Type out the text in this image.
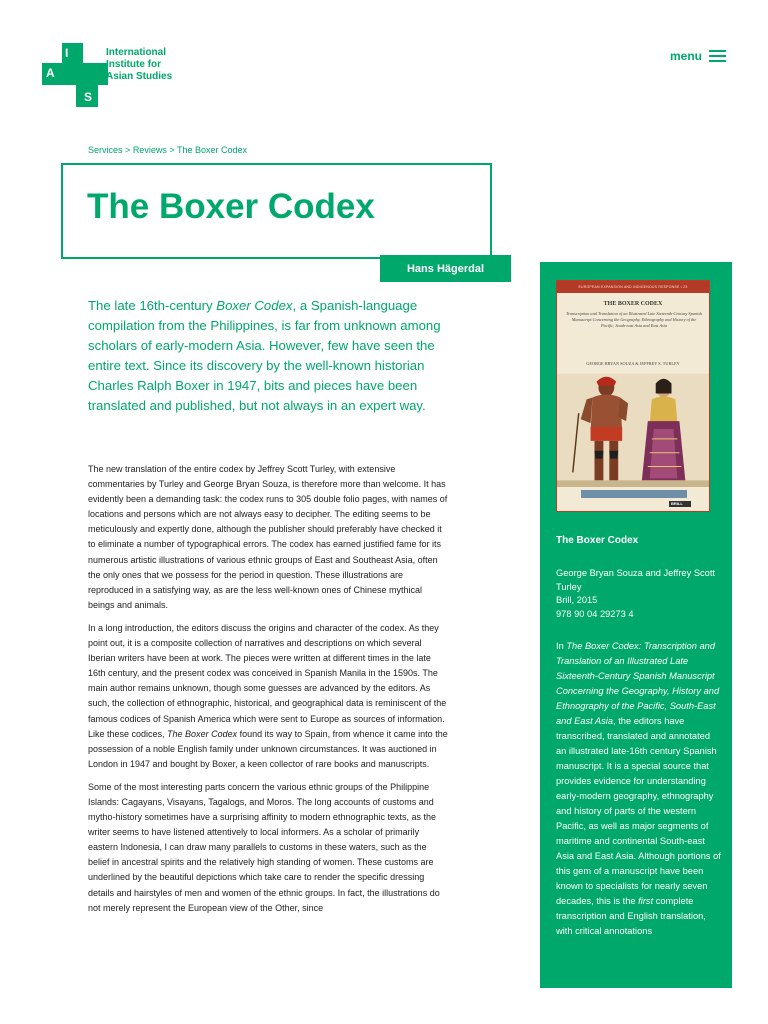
I
A
S
International
Institute for
Asian Studies
menu
Services > Reviews > The Boxer Codex
The Boxer Codex
Hans Hägerdal

The late 16th-century Boxer Codex, a Spanish-language compilation from the Philippines, is far from unknown among scholars of early-modern Asia. However, few have seen the entire text. Since its discovery by the well-known historian Charles Ralph Boxer in 1947, bits and pieces have been translated and published, but not always in an expert way.

The new translation of the entire codex by Jeffrey Scott Turley, with extensive commentaries by Turley and George Bryan Souza, is therefore more than welcome. It has evidently been a demanding task: the codex runs to 305 double folio pages, with names of locations and persons which are not always easy to decipher. The editing seems to be meticulously and expertly done, although the publisher should preferably have checked it to eliminate a number of typographical errors. The codex has earned justified fame for its numerous artistic illustrations of various ethnic groups of East and Southeast Asia, often the only ones that we possess for the period in question. These illustrations are reproduced in a satisfying way, as are the less well-known ones of Chinese mythical beings and animals.

In a long introduction, the editors discuss the origins and character of the codex. As they point out, it is a composite collection of narratives and descriptions on which several Iberian writers have been at work. The pieces were written at different times in the late 16th century, and the present codex was conceived in Spanish Manila in the 1590s. The main author remains unknown, though some guesses are advanced by the editors. As such, the collection of ethnographic, historical, and geographical data is reminiscent of the famous codices of Spanish America which were sent to Europe as sources of information. Like these codices, The Boxer Codex found its way to Spain, from whence it came into the possession of a noble English family under unknown circumstances. It was auctioned in London in 1947 and bought by Boxer, a keen collector of rare books and manuscripts.

Some of the most interesting parts concern the various ethnic groups of the Philippine Islands: Cagayans, Visayans, Tagalogs, and Moros. The long accounts of customs and mytho-history sometimes have a surprising affinity to modern ethnographic texts, as the writer seems to have listened attentively to local informers. As a scholar of primarily eastern Indonesia, I can draw many parallels to customs in these waters, such as the belief in ancestral spirits and the relatively high standing of women. These customs are underlined by the beautiful depictions which take care to render the specific dressing details and hairstyles of men and women of the ethnic groups. In fact, the illustrations do not merely represent the European view of the Other, since

EUROPEAN EXPANSION AND INDIGENOUS RESPONSE • 23
THE BOXER CODEX
Transcription and Translation of an Illustrated Late Sixteenth-Century Spanish Manuscript Concerning the Geography, Ethnography and History of the Pacific, South-east Asia and East Asia
GEORGE BRYAN SOUZA & JEFFREY S. TURLEY
BRILL
The Boxer Codex
George Bryan Souza and Jeffrey Scott Turley
Brill, 2015
978 90 04 29273 4

In The Boxer Codex: Transcription and Translation of an Illustrated Late Sixteenth-Century Spanish Manuscript Concerning the Geography, History and Ethnography of the Pacific, South-East and East Asia, the editors have transcribed, translated and annotated an illustrated late-16th century Spanish manuscript. It is a special source that provides evidence for understanding early-modern geography, ethnography and history of parts of the western Pacific, as well as major segments of maritime and continental South-east Asia and East Asia. Although portions of this gem of a manuscript have been known to specialists for nearly seven decades, this is the first complete transcription and English translation, with critical annotations
